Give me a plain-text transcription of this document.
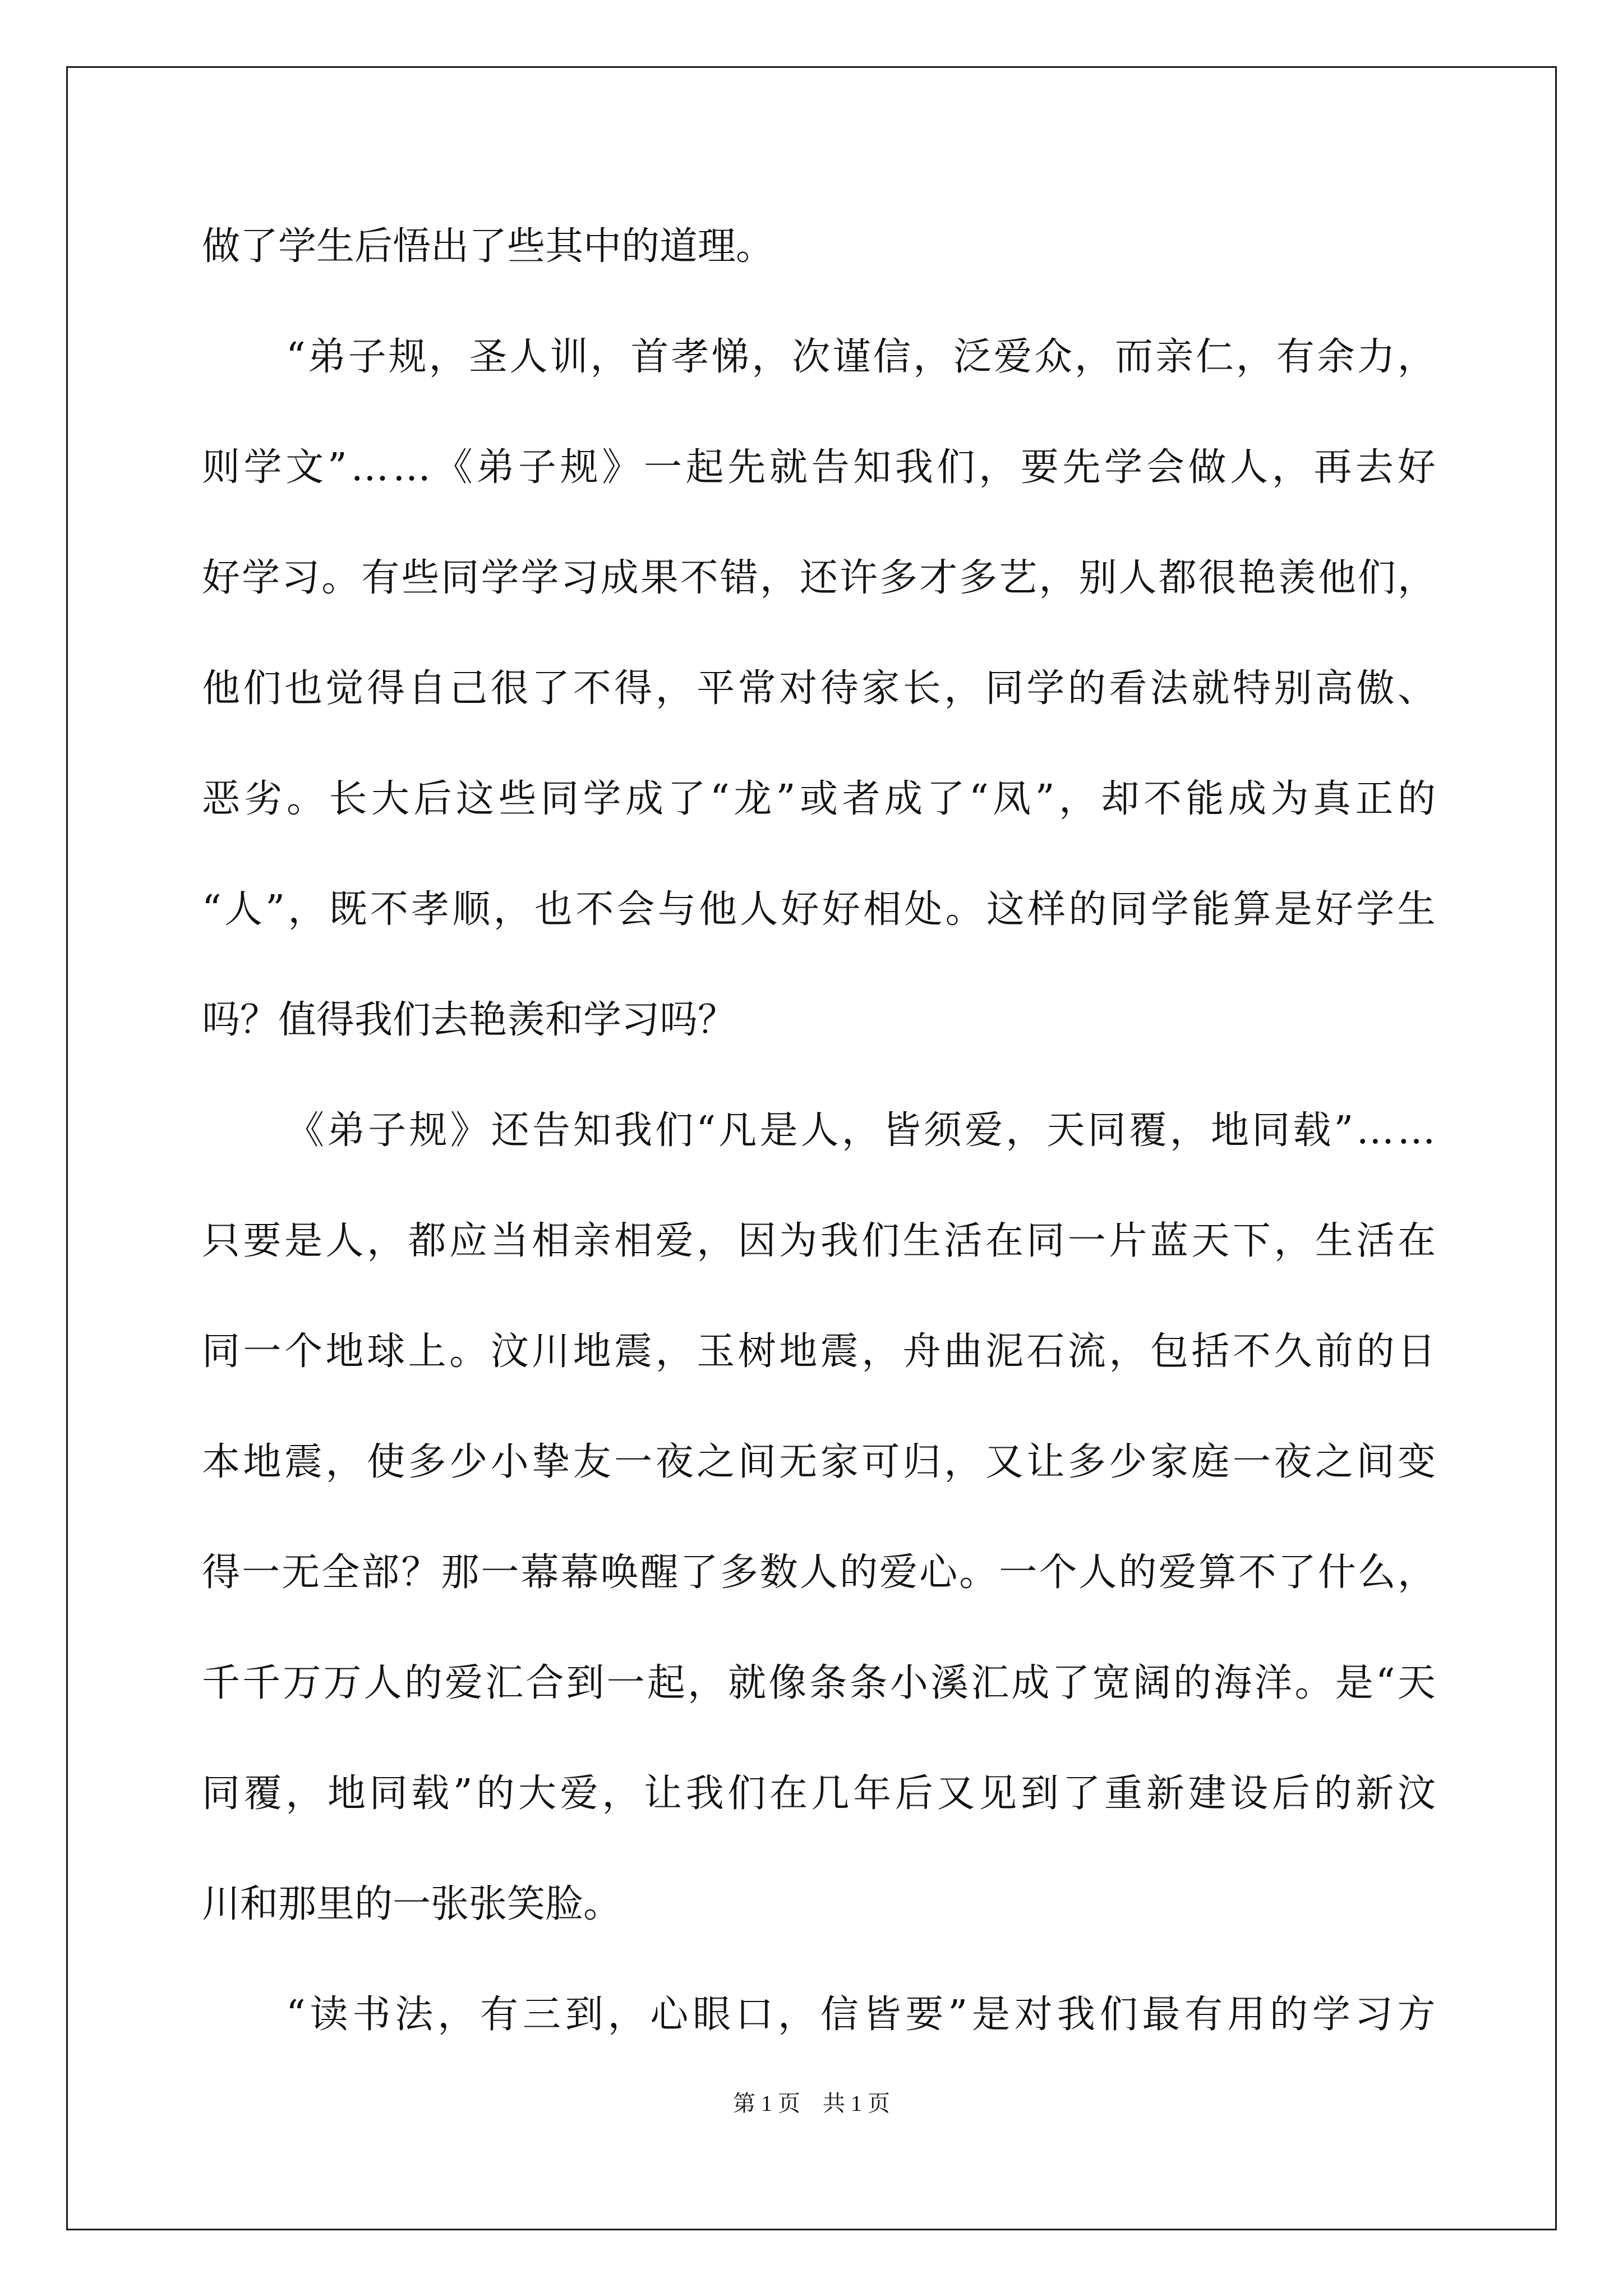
做了学生后悟出了些其中的道理。
“弟子规，圣人训，首孝悌，次谨信，泛爱众，而亲仁，有余力，
则学文”……《弟子规》一起先就告知我们，要先学会做人，再去好
好学习。有些同学学习成果不错，还许多才多艺，别人都很艳羡他们，
他们也觉得自己很了不得，平常对待家长，同学的看法就特别高傲、
恶劣。长大后这些同学成了“龙”或者成了“凤”，却不能成为真正的
“人”，既不孝顺，也不会与他人好好相处。这样的同学能算是好学生
吗？值得我们去艳羡和学习吗？
《弟子规》还告知我们“凡是人，皆须爱，天同覆，地同载”……
只要是人，都应当相亲相爱，因为我们生活在同一片蓝天下，生活在
同一个地球上。汶川地震，玉树地震，舟曲泥石流，包括不久前的日
本地震，使多少小挚友一夜之间无家可归，又让多少家庭一夜之间变
得一无全部？那一幕幕唤醒了多数人的爱心。一个人的爱算不了什么，
千千万万人的爱汇合到一起，就像条条小溪汇成了宽阔的海洋。是“天
同覆，地同载”的大爱，让我们在几年后又见到了重新建设后的新汶
川和那里的一张张笑脸。
“读书法，有三到，心眼口，信皆要”是对我们最有用的学习方
第 1 页　共 1 页
